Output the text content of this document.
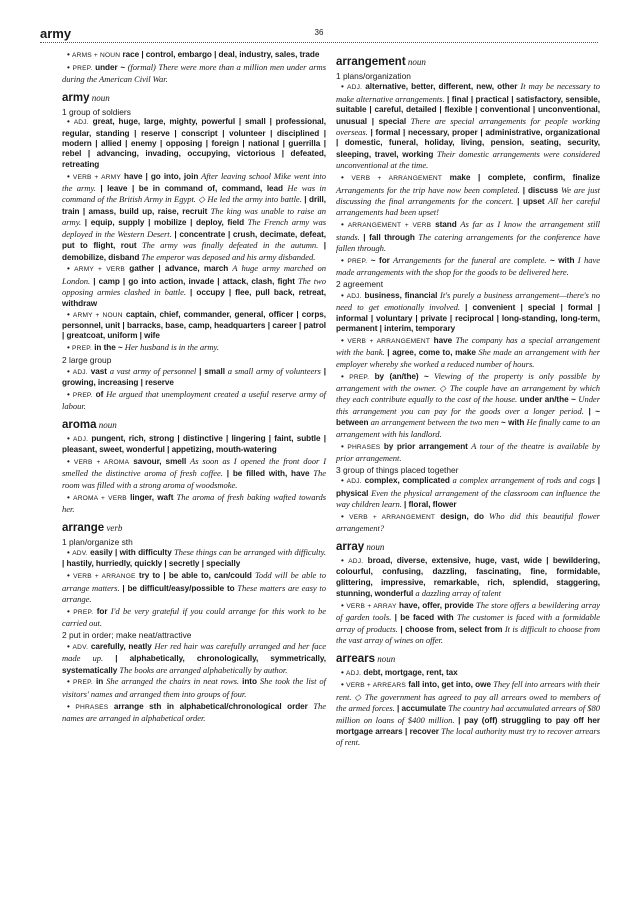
army	36

• ARMS + NOUN race | control, embargo | deal, industry, sales, trade

• PREP. under ~ (formal) There were more than a million men under arms during the American Civil War.

army noun
1 group of soldiers

• ADJ. great, huge, large, mighty, powerful | small | professional, regular, standing | reserve | conscript | volunteer | disciplined | modern | allied | enemy | opposing | foreign | national | guerrilla | rebel | advancing, invading, occupying, victorious | defeated, retreating

• VERB + ARMY have | go into, join After leaving school Mike went into the army. | leave | be in command of, command, lead He was in command of the British Army in Egypt. ◇ He led the army into battle. | drill, train | amass, build up, raise, recruit The king was unable to raise an army. | equip, supply | mobilize | deploy, field The French army was deployed in the Western Desert. | concentrate | crush, decimate, defeat, put to flight, rout The army was finally defeated in the autumn. | demobilize, disband The emperor was deposed and his army disbanded.

• ARMY + VERB gather | advance, march A huge army marched on London. | camp | go into action, invade | attack, clash, fight The two opposing armies clashed in battle. | occupy | flee, pull back, retreat, withdraw

• ARMY + NOUN captain, chief, commander, general, officer | corps, personnel, unit | barracks, base, camp, headquarters | career | patrol | greatcoat, uniform | wife

• PREP. in the ~ Her husband is in the army.

2 large group

• ADJ. vast a vast army of personnel | small a small army of volunteers | growing, increasing | reserve

• PREP. of He argued that unemployment created a useful reserve army of labour.

aroma noun

• ADJ. pungent, rich, strong | distinctive | lingering | faint, subtle | pleasant, sweet, wonderful | appetizing, mouth-watering

• VERB + AROMA savour, smell As soon as I opened the front door I smelled the distinctive aroma of fresh coffee. | be filled with, have The room was filled with a strong aroma of woodsmoke.

• AROMA + VERB linger, waft The aroma of fresh baking wafted towards her.

arrange verb
1 plan/organize sth

• ADV. easily | with difficulty These things can be arranged with difficulty. | hastily, hurriedly, quickly | secretly | specially

• VERB + ARRANGE try to | be able to, can/could Todd will be able to arrange matters. | be difficult/easy/possible to These matters are easy to arrange.

• PREP. for I'd be very grateful if you could arrange for this work to be carried out.

2 put in order; make neat/attractive

• ADV. carefully, neatly Her red hair was carefully arranged and her face made up. | alphabetically, chronologically, symmetrically, systematically The books are arranged alphabetically by author.

• PREP. in She arranged the chairs in neat rows. into She took the list of visitors' names and arranged them into groups of four.

• PHRASES arrange sth in alphabetical/chronological order The names are arranged in alphabetical order.

arrangement noun
1 plans/organization

• ADJ. alternative, better, different, new, other It may be necessary to make alternative arrangements. | final | practical | satisfactory, sensible, suitable | careful, detailed | flexible | conventional | unconventional, unusual | special There are special arrangements for people working overseas. | formal | necessary, proper | administrative, organizational | domestic, funeral, holiday, living, pension, seating, security, sleeping, travel, working Their domestic arrangements were considered unconventional at the time.

• VERB + ARRANGEMENT make | complete, confirm, finalize Arrangements for the trip have now been completed. | discuss We are just discussing the final arrangements for the concert. | upset All her careful arrangements had been upset!

• ARRANGEMENT + VERB stand As far as I know the arrangement still stands. | fall through The catering arrangements for the conference have fallen through.

• PREP. ~ for Arrangements for the funeral are complete. ~ with I have made arrangements with the shop for the goods to be delivered here.

2 agreement

• ADJ. business, financial It's purely a business arrangement—there's no need to get emotionally involved. | convenient | special | formal | informal | voluntary | private | reciprocal | long-standing, long-term, permanent | interim, temporary

• VERB + ARRANGEMENT have The company has a special arrangement with the bank. | agree, come to, make She made an arrangement with her employer whereby she worked a reduced number of hours.

• PREP. by (an/the) ~ Viewing of the property is only possible by arrangement with the owner. ◇ The couple have an arrangement by which they each contribute equally to the cost of the house. under an/the ~ Under this arrangement you can pay for the goods over a longer period. | ~ between an arrangement between the two men ~ with He finally came to an arrangement with his landlord.

• PHRASES by prior arrangement A tour of the theatre is available by prior arrangement.

3 group of things placed together

• ADJ. complex, complicated a complex arrangement of rods and cogs | physical Even the physical arrangement of the classroom can influence the way children learn. | floral, flower

• VERB + ARRANGEMENT design, do Who did this beautiful flower arrangement?

array noun

• ADJ. broad, diverse, extensive, huge, vast, wide | bewildering, colourful, confusing, dazzling, fascinating, fine, formidable, glittering, impressive, remarkable, rich, splendid, staggering, stunning, wonderful a dazzling array of talent

• VERB + ARRAY have, offer, provide The store offers a bewildering array of garden tools. | be faced with The customer is faced with a formidable array of products. | choose from, select from It is difficult to choose from the vast array of wines on offer.

arrears noun

• ADJ. debt, mortgage, rent, tax

• VERB + ARREARS fall into, get into, owe They fell into arrears with their rent. ◇ The government has agreed to pay all arrears owed to members of the armed forces. | accumulate The country had accumulated arrears of $80 million on loans of $400 million. | pay (off) struggling to pay off her mortgage arrears | recover The local authority must try to recover arrears of rent.
